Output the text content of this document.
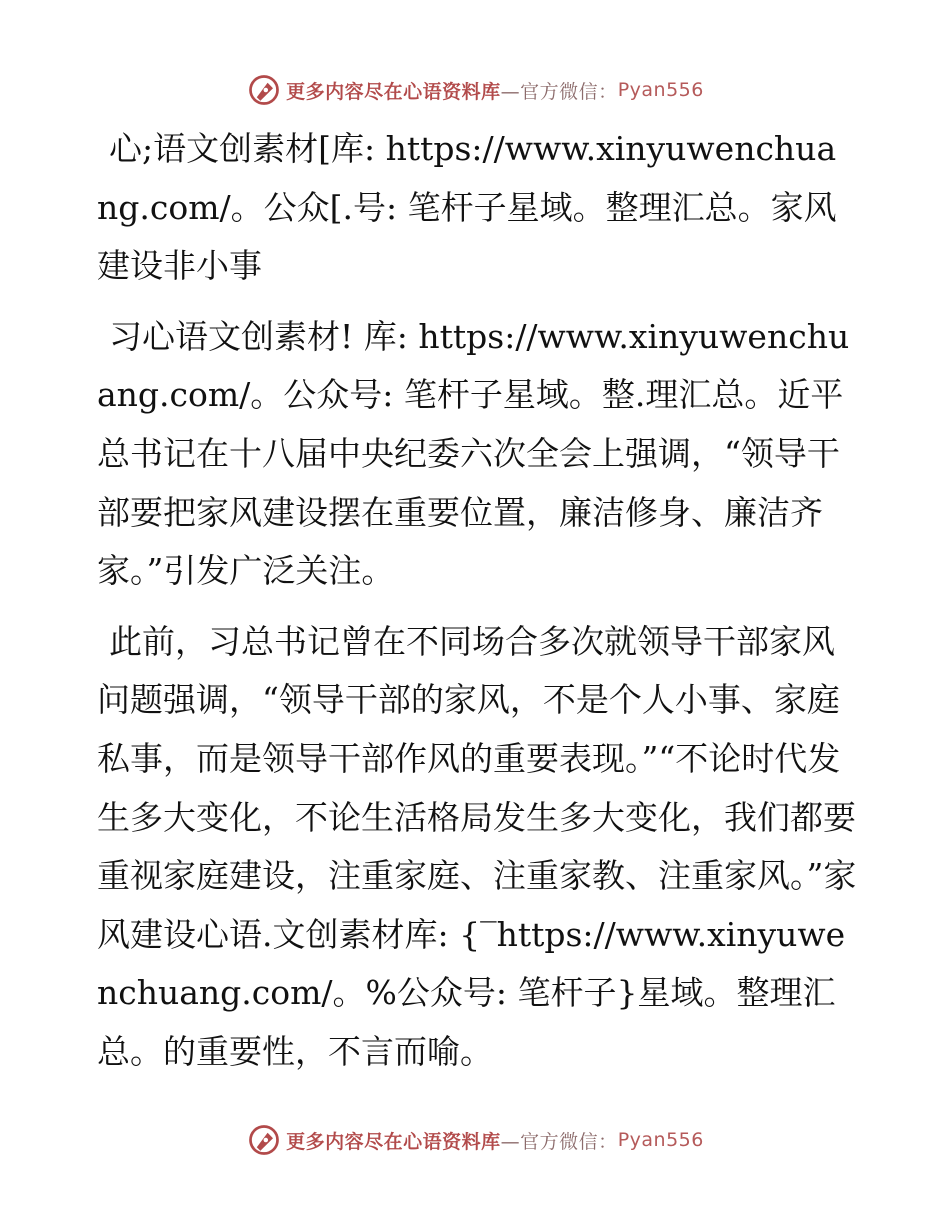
更多内容尽在心语资料库 —官方微信： Pyan556

心;语文创素材[库: https://www.xinyuwenchuang.com/。公众[.号: 笔杆子星域。整理汇总。家风建设非小事

习心语文创素材! 库: https://www.xinyuwenchuang.com/。公众号: 笔杆子星域。整.理汇总。近平总书记在十八届中央纪委六次全会上强调，“领导干部要把家风建设摆在重要位置，廉洁修身、廉洁齐家。”引发广泛关注。

此前，习总书记曾在不同场合多次就领导干部家风问题强调，“领导干部的家风，不是个人小事、家庭私事，而是领导干部作风的重要表现。”“不论时代发生多大变化，不论生活格局发生多大变化，我们都要重视家庭建设，注重家庭、注重家教、注重家风。”家风建设心语.文创素材库: {‾https://www.xinyuwenchuang.com/。%公众号: 笔杆子}星域。整理汇总。的重要性，不言而喻。

更多内容尽在心语资料库 —官方微信： Pyan556
